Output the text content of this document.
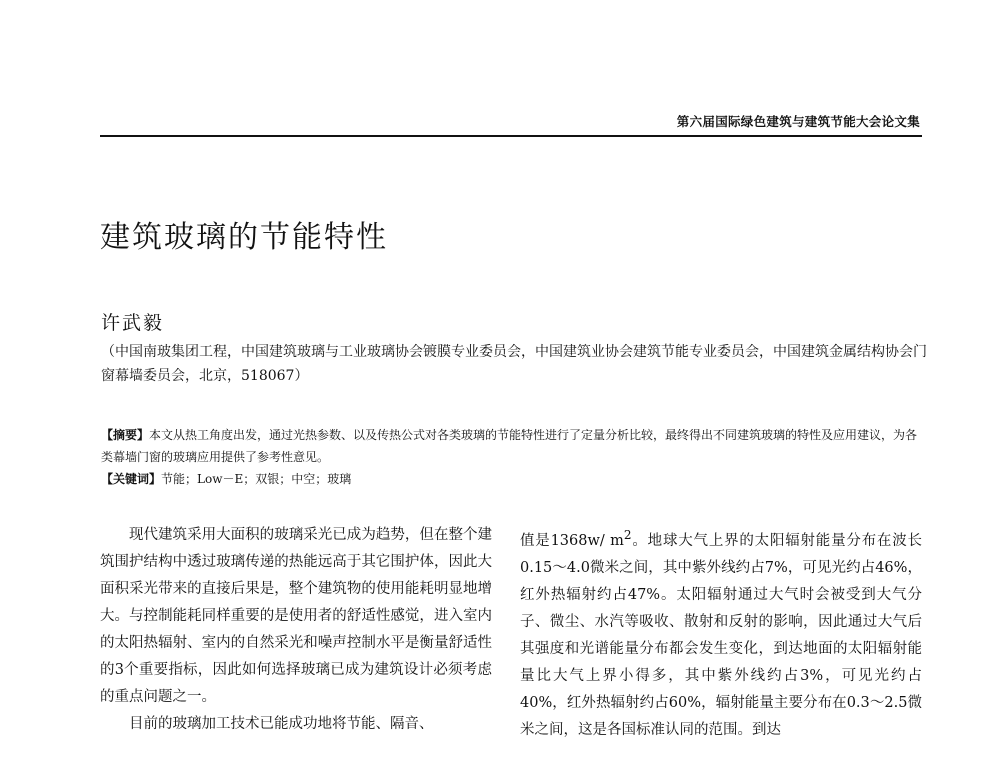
第六届国际绿色建筑与建筑节能大会论文集
建筑玻璃的节能特性
许武毅
（中国南玻集团工程，中国建筑玻璃与工业玻璃协会镀膜专业委员会，中国建筑业协会建筑节能专业委员会，中国建筑金属结构协会门窗幕墙委员会，北京，518067）
【摘要】本文从热工角度出发，通过光热参数、以及传热公式对各类玻璃的节能特性进行了定量分析比较，最终得出不同建筑玻璃的特性及应用建议，为各类幕墙门窗的玻璃应用提供了参考性意见。
【关键词】节能；Low－E；双银；中空；玻璃

现代建筑采用大面积的玻璃采光已成为趋势，但在整个建筑围护结构中透过玻璃传递的热能远高于其它围护体，因此大面积采光带来的直接后果是，整个建筑物的使用能耗明显地增大。与控制能耗同样重要的是使用者的舒适性感觉，进入室内的太阳热辐射、室内的自然采光和噪声控制水平是衡量舒适性的3个重要指标，因此如何选择玻璃已成为建筑设计必须考虑的重点问题之一。

目前的玻璃加工技术已能成功地将节能、隔音、

值是1368w/ $m^2$。地球大气上界的太阳辐射能量分布在波长0.15～4.0微米之间，其中紫外线约占7%，可见光约占46%，红外热辐射约占47%。太阳辐射通过大气时会被受到大气分子、微尘、水汽等吸收、散射和反射的影响，因此通过大气后其强度和光谱能量分布都会发生变化，到达地面的太阳辐射能量比大气上界小得多，其中紫外线约占3%，可见光约占40%，红外热辐射约占60%，辐射能量主要分布在0.3～2.5微米之间，这是各国标准认同的范围。到达
